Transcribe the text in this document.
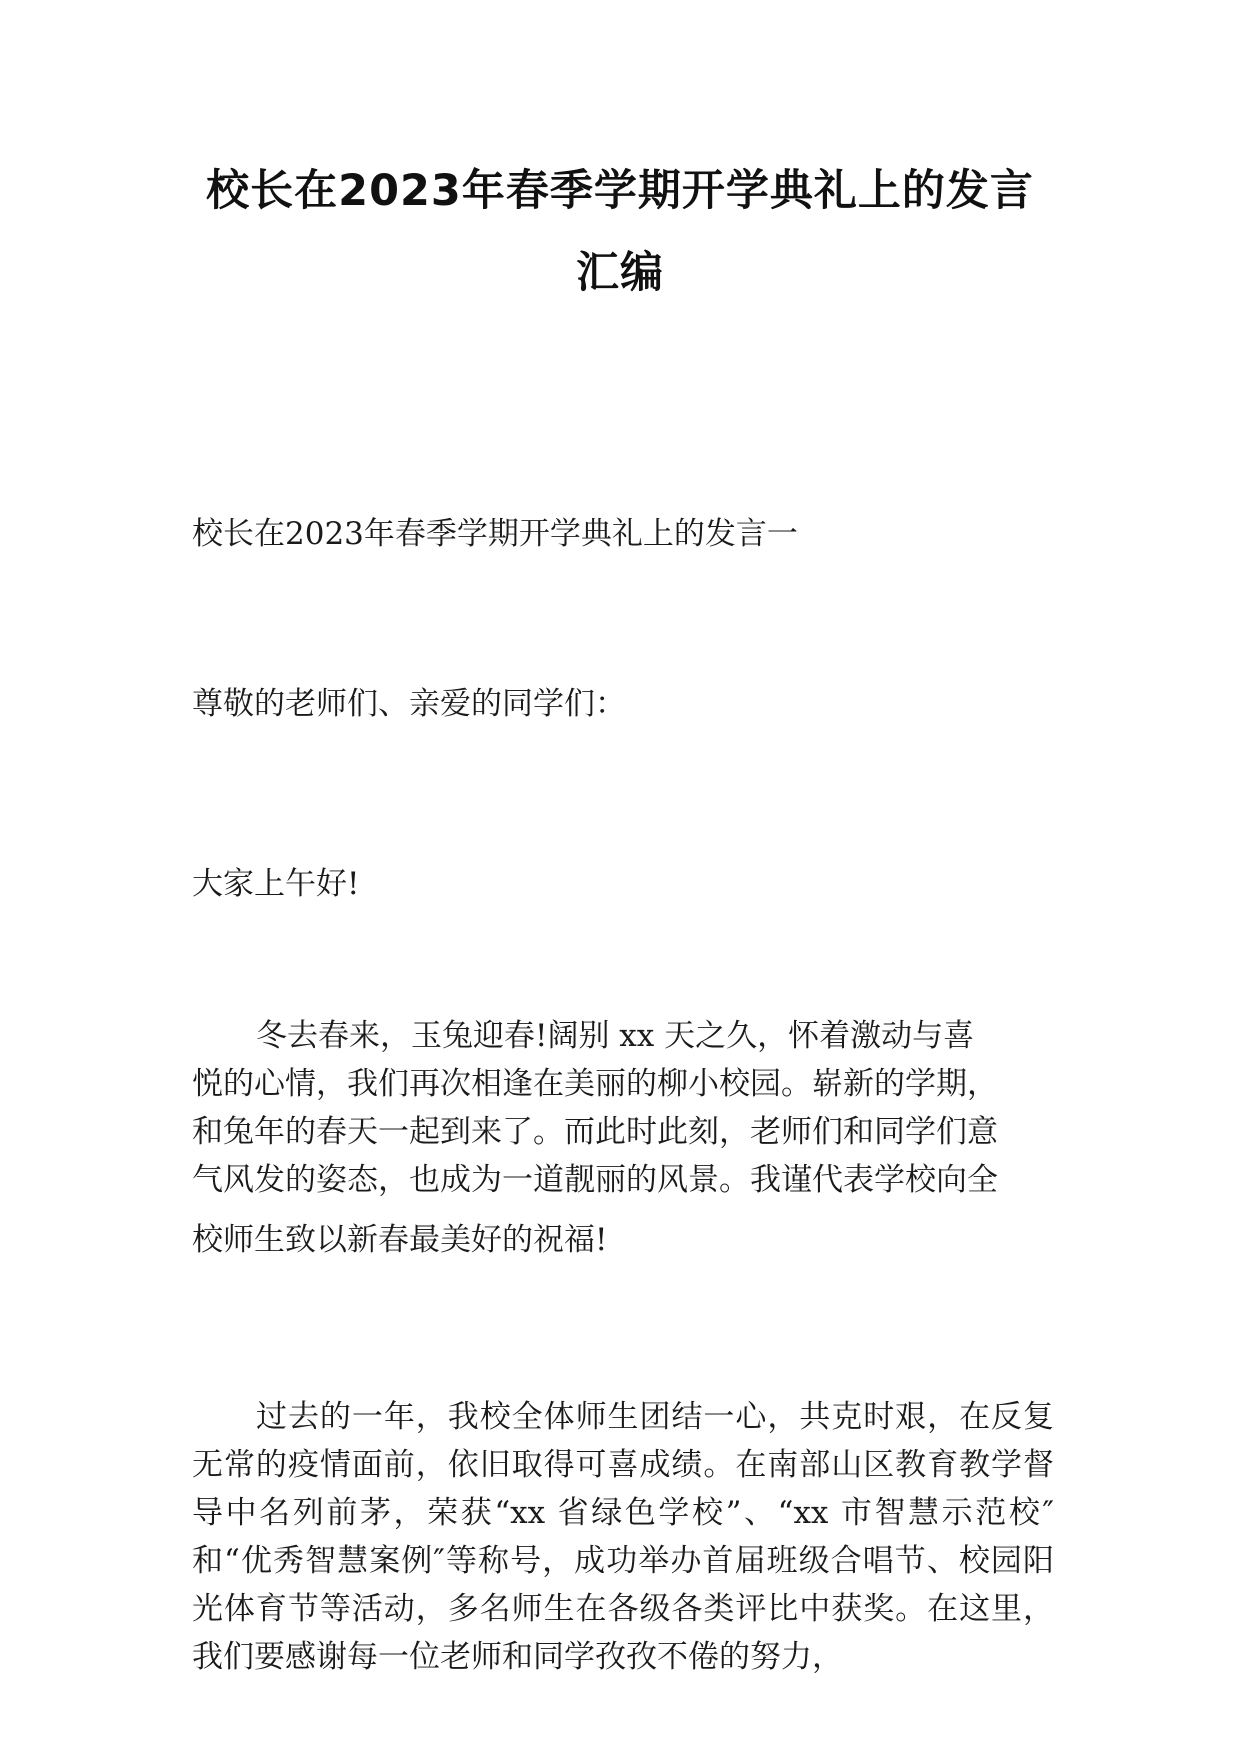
校长在2023年春季学期开学典礼上的发言
汇编

校长在2023年春季学期开学典礼上的发言一

尊敬的老师们、亲爱的同学们：

大家上午好!

冬去春来，玉兔迎春!阔别 xx 天之久，怀着激动与喜
悦的心情，我们再次相逢在美丽的柳小校园。崭新的学期，
和兔年的春天一起到来了。而此时此刻，老师们和同学们意
气风发的姿态，也成为一道靓丽的风景。我谨代表学校向全
校师生致以新春最美好的祝福!

过去的一年，我校全体师生团结一心，共克时艰，在反复无常的疫情面前，依旧取得可喜成绩。在南部山区教育教学督导中名列前茅，荣获“xx 省绿色学校”、“xx 市智慧示范校″和“优秀智慧案例″等称号，成功举办首届班级合唱节、校园阳光体育节等活动，多名师生在各级各类评比中获奖。在这里，我们要感谢每一位老师和同学孜孜不倦的努力，
